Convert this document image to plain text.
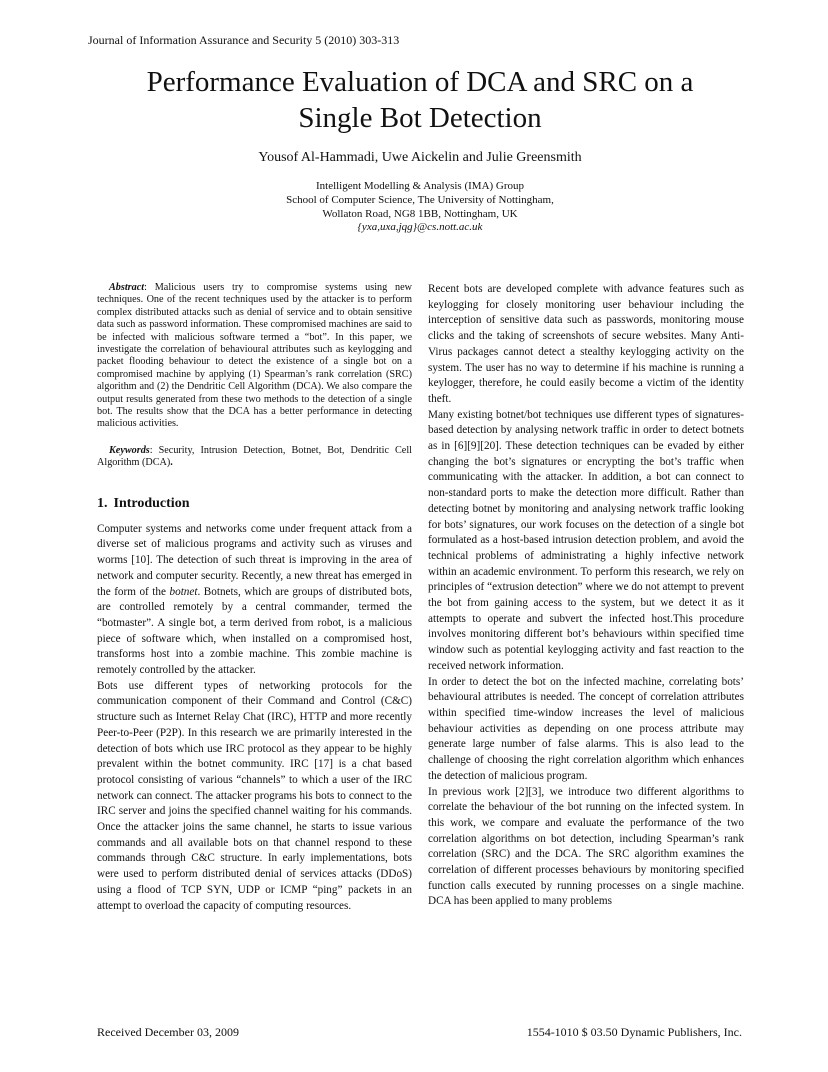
Journal of Information Assurance and Security 5 (2010) 303-313
Performance Evaluation of DCA and SRC on a
Single Bot Detection
Yousof Al-Hammadi, Uwe Aickelin and Julie Greensmith
Intelligent Modelling & Analysis (IMA) Group
School of Computer Science, The University of Nottingham,
Wollaton Road, NG8 1BB, Nottingham, UK
{yxa,uxa,jqg}@cs.nott.ac.uk

Abstract: Malicious users try to compromise systems using new techniques. One of the recent techniques used by the attacker is to perform complex distributed attacks such as denial of service and to obtain sensitive data such as password information. These compromised machines are said to be infected with malicious software termed a “bot”. In this paper, we investigate the correlation of behavioural attributes such as keylogging and packet flooding behaviour to detect the existence of a single bot on a compromised machine by applying (1) Spearman’s rank correlation (SRC) algorithm and (2) the Dendritic Cell Algorithm (DCA). We also compare the output results generated from these two methods to the detection of a single bot. The results show that the DCA has a better performance in detecting malicious activities.

Keywords: Security, Intrusion Detection, Botnet, Bot, Dendritic Cell Algorithm (DCA).

1. Introduction

Computer systems and networks come under frequent attack from a diverse set of malicious programs and activity such as viruses and worms [10]. The detection of such threat is improving in the area of network and computer security. Recently, a new threat has emerged in the form of the botnet. Botnets, which are groups of distributed bots, are controlled remotely by a central commander, termed the “botmaster”. A single bot, a term derived from robot, is a malicious piece of software which, when installed on a compromised host, transforms host into a zombie machine. This zombie machine is remotely controlled by the attacker.

Bots use different types of networking protocols for the communication component of their Command and Control (C&C) structure such as Internet Relay Chat (IRC), HTTP and more recently Peer-to-Peer (P2P). In this research we are primarily interested in the detection of bots which use IRC protocol as they appear to be highly prevalent within the botnet community. IRC [17] is a chat based protocol consisting of various “channels” to which a user of the IRC network can connect. The attacker programs his bots to connect to the IRC server and joins the specified channel waiting for his commands. Once the attacker joins the same channel, he starts to issue various commands and all available bots on that channel respond to these commands through C&C structure. In early implementations, bots were used to perform distributed denial of services attacks (DDoS) using a flood of TCP SYN, UDP or ICMP “ping” packets in an attempt to overload the capacity of computing resources.

Recent bots are developed complete with advance features such as keylogging for closely monitoring user behaviour including the interception of sensitive data such as passwords, monitoring mouse clicks and the taking of screenshots of secure websites. Many Anti-Virus packages cannot detect a stealthy keylogging activity on the system. The user has no way to determine if his machine is running a keylogger, therefore, he could easily become a victim of the identity theft.

Many existing botnet/bot techniques use different types of signatures-based detection by analysing network traffic in order to detect botnets as in [6][9][20]. These detection techniques can be evaded by either changing the bot’s signatures or encrypting the bot’s traffic when communicating with the attacker. In addition, a bot can connect to non-standard ports to make the detection more difficult. Rather than detecting botnet by monitoring and analysing network traffic looking for bots’ signatures, our work focuses on the detection of a single bot formulated as a host-based intrusion detection problem, and avoid the technical problems of administrating a highly infective network within an academic environment. To perform this research, we rely on principles of “extrusion detection” where we do not attempt to prevent the bot from gaining access to the system, but we detect it as it attempts to operate and subvert the infected host.This procedure involves monitoring different bot’s behaviours within specified time window such as potential keylogging activity and fast reaction to the received network information.

In order to detect the bot on the infected machine, correlating bots’ behavioural attributes is needed. The concept of correlation attributes within specified time-window increases the level of malicious behaviour activities as depending on one process attribute may generate large number of false alarms. This is also lead to the challenge of choosing the right correlation algorithm which enhances the detection of malicious program.

In previous work [2][3], we introduce two different algorithms to correlate the behaviour of the bot running on the infected system. In this work, we compare and evaluate the performance of the two correlation algorithms on bot detection, including Spearman’s rank correlation (SRC) and the DCA. The SRC algorithm examines the correlation of different processes behaviours by monitoring specified function calls executed by running processes on a single machine. DCA has been applied to many problems

Received December 03, 2009	1554-1010 $ 03.50 Dynamic Publishers, Inc.
